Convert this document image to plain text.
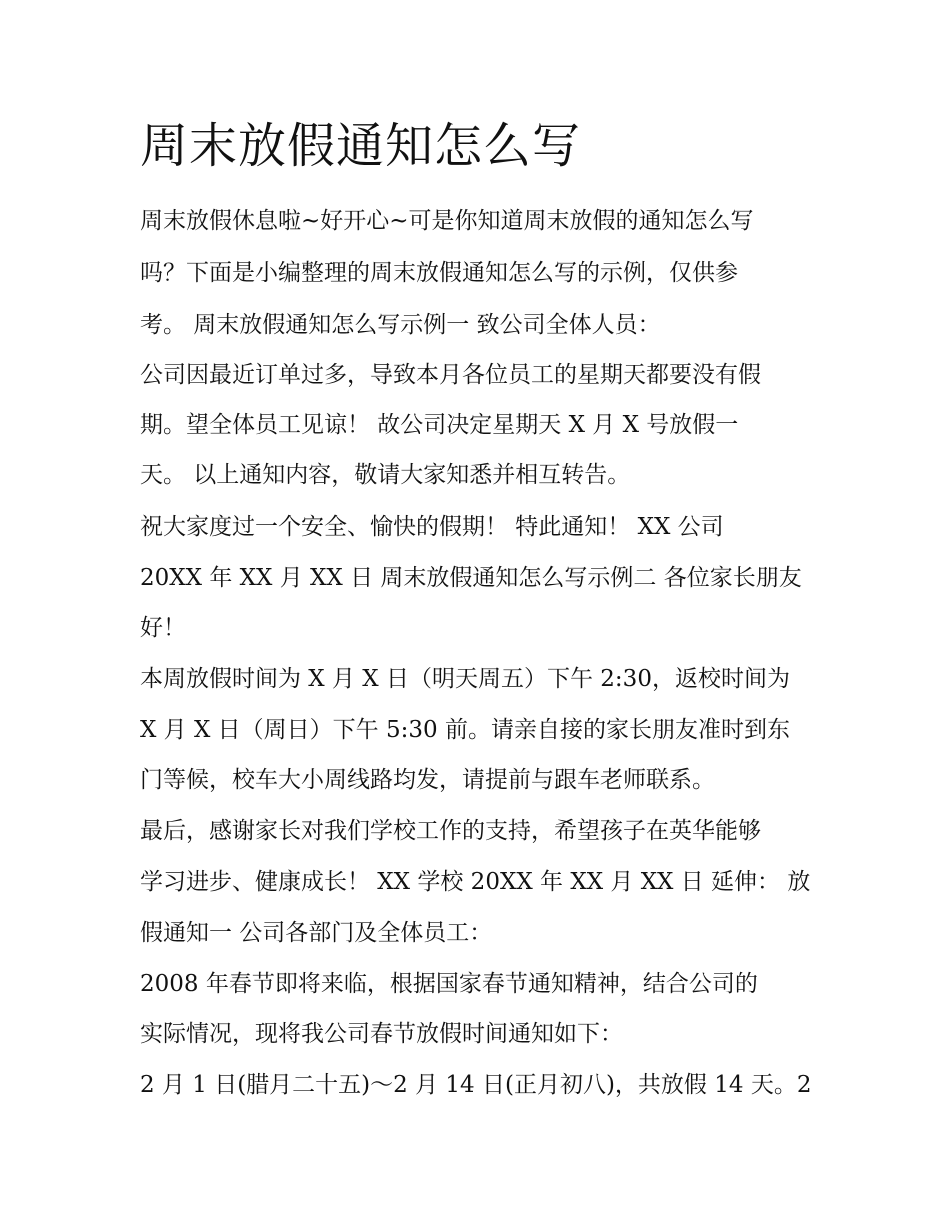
周末放假通知怎么写

周末放假休息啦~好开心~可是你知道周末放假的通知怎么写

吗？下面是小编整理的周末放假通知怎么写的示例，仅供参

考。 周末放假通知怎么写示例一 致公司全体人员：

公司因最近订单过多，导致本月各位员工的星期天都要没有假

期。望全体员工见谅！ 故公司决定星期天 X 月 X 号放假一

天。 以上通知内容，敬请大家知悉并相互转告。

祝大家度过一个安全、愉快的假期！ 特此通知！ XX 公司

20XX 年 XX 月 XX 日 周末放假通知怎么写示例二 各位家长朋友

好！

本周放假时间为 X 月 X 日（明天周五）下午 2:30，返校时间为

X 月 X 日（周日）下午 5:30 前。请亲自接的家长朋友准时到东

门等候，校车大小周线路均发，请提前与跟车老师联系。

最后，感谢家长对我们学校工作的支持，希望孩子在英华能够

学习进步、健康成长！ XX 学校 20XX 年 XX 月 XX 日 延伸： 放

假通知一 公司各部门及全体员工：

2008 年春节即将来临，根据国家春节通知精神，结合公司的

实际情况，现将我公司春节放假时间通知如下：

2 月 1 日(腊月二十五)～2 月 14 日(正月初八)，共放假 14 天。2
